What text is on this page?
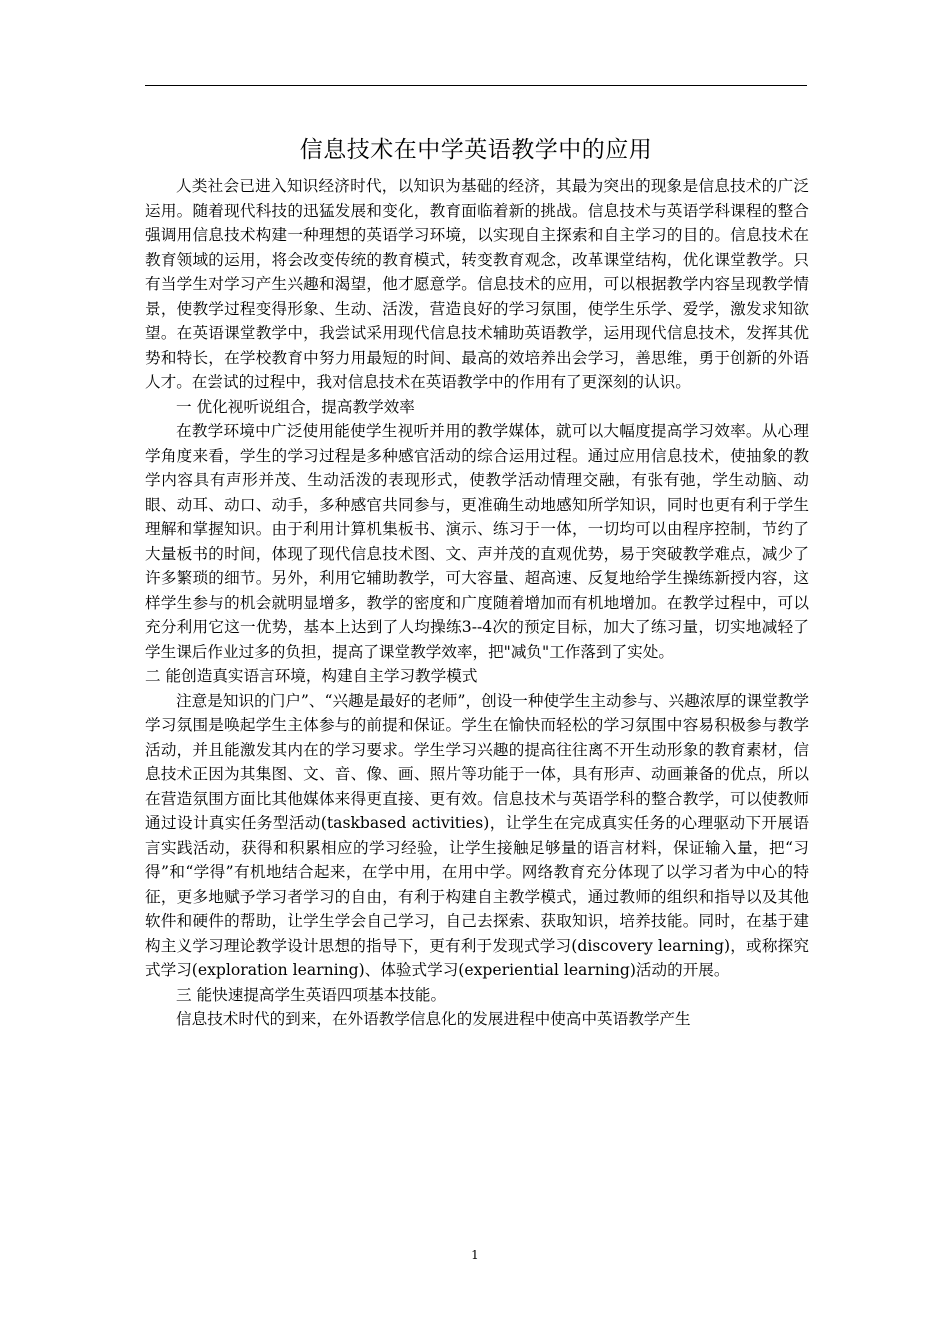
信息技术在中学英语教学中的应用

人类社会已进入知识经济时代，以知识为基础的经济，其最为突出的现象是信息技术的广泛运用。随着现代科技的迅猛发展和变化，教育面临着新的挑战。信息技术与英语学科课程的整合强调用信息技术构建一种理想的英语学习环境，以实现自主探索和自主学习的目的。信息技术在教育领域的运用，将会改变传统的教育模式，转变教育观念，改革课堂结构，优化课堂教学。只有当学生对学习产生兴趣和渴望，他才愿意学。信息技术的应用，可以根据教学内容呈现教学情景，使教学过程变得形象、生动、活泼，营造良好的学习氛围，使学生乐学、爱学，激发求知欲望。在英语课堂教学中，我尝试采用现代信息技术辅助英语教学，运用现代信息技术，发挥其优势和特长，在学校教育中努力用最短的时间、最高的效培养出会学习，善思维，勇于创新的外语人才。在尝试的过程中，我对信息技术在英语教学中的作用有了更深刻的认识。

一 优化视听说组合，提高教学效率

在教学环境中广泛使用能使学生视听并用的教学媒体，就可以大幅度提高学习效率。从心理学角度来看，学生的学习过程是多种感官活动的综合运用过程。通过应用信息技术，使抽象的教学内容具有声形并茂、生动活泼的表现形式，使教学活动情理交融，有张有弛，学生动脑、动眼、动耳、动口、动手，多种感官共同参与，更准确生动地感知所学知识，同时也更有利于学生理解和掌握知识。由于利用计算机集板书、演示、练习于一体，一切均可以由程序控制，节约了大量板书的时间，体现了现代信息技术图、文、声并茂的直观优势，易于突破教学难点，减少了许多繁琐的细节。另外，利用它辅助教学，可大容量、超高速、反复地给学生操练新授内容，这样学生参与的机会就明显增多，教学的密度和广度随着增加而有机地增加。在教学过程中，可以充分利用它这一优势，基本上达到了人均操练3--4次的预定目标，加大了练习量，切实地减轻了学生课后作业过多的负担，提高了课堂教学效率，把"减负"工作落到了实处。

二 能创造真实语言环境，构建自主学习教学模式

注意是知识的门户”、“兴趣是最好的老师”，创设一种使学生主动参与、兴趣浓厚的课堂教学学习氛围是唤起学生主体参与的前提和保证。学生在愉快而轻松的学习氛围中容易积极参与教学活动，并且能激发其内在的学习要求。学生学习兴趣的提高往往离不开生动形象的教育素材，信息技术正因为其集图、文、音、像、画、照片等功能于一体，具有形声、动画兼备的优点，所以在营造氛围方面比其他媒体来得更直接、更有效。信息技术与英语学科的整合教学，可以使教师通过设计真实任务型活动(taskbased activities)，让学生在完成真实任务的心理驱动下开展语言实践活动，获得和积累相应的学习经验，让学生接触足够量的语言材料，保证输入量，把“习得”和“学得”有机地结合起来，在学中用，在用中学。网络教育充分体现了以学习者为中心的特征，更多地赋予学习者学习的自由，有利于构建自主教学模式，通过教师的组织和指导以及其他软件和硬件的帮助，让学生学会自己学习，自己去探索、获取知识，培养技能。同时，在基于建构主义学习理论教学设计思想的指导下，更有利于发现式学习(discovery learning)，或称探究式学习(exploration learning)、体验式学习(experiential learning)活动的开展。

三 能快速提高学生英语四项基本技能。

信息技术时代的到来，在外语教学信息化的发展进程中使高中英语教学产生

1
